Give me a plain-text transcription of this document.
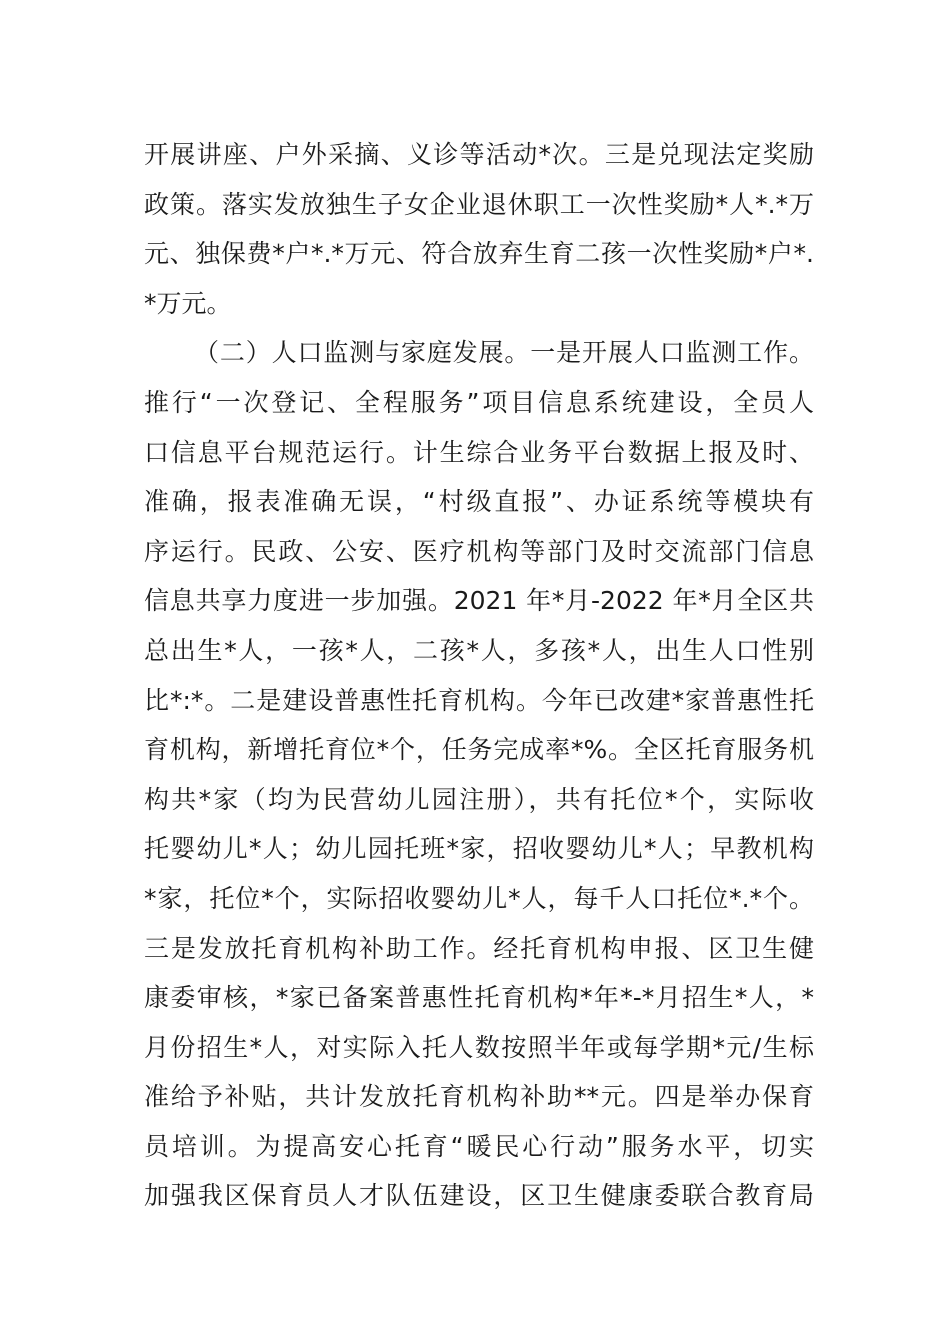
开展讲座、户外采摘、义诊等活动*次。三是兑现法定奖励
政策。落实发放独生子女企业退休职工一次性奖励*人*.*万
元、独保费*户*.*万元、符合放弃生育二孩一次性奖励*户*.
*万元。
（二）人口监测与家庭发展。一是开展人口监测工作。
推行“一次登记、全程服务”项目信息系统建设，全员人
口信息平台规范运行。计生综合业务平台数据上报及时、
准确，报表准确无误，“村级直报”、办证系统等模块有
序运行。民政、公安、医疗机构等部门及时交流部门信息
信息共享力度进一步加强。2021 年*月-2022 年*月全区共
总出生*人，一孩*人，二孩*人，多孩*人，出生人口性别
比*:*。二是建设普惠性托育机构。今年已改建*家普惠性托
育机构，新增托育位*个，任务完成率*%。全区托育服务机
构共*家（均为民营幼儿园注册），共有托位*个，实际收
托婴幼儿*人；幼儿园托班*家，招收婴幼儿*人；早教机构
*家，托位*个，实际招收婴幼儿*人，每千人口托位*.*个。
三是发放托育机构补助工作。经托育机构申报、区卫生健
康委审核，*家已备案普惠性托育机构*年*-*月招生*人，*
月份招生*人，对实际入托人数按照半年或每学期*元/生标
准给予补贴，共计发放托育机构补助**元。四是举办保育
员培训。为提高安心托育“暖民心行动”服务水平，切实
加强我区保育员人才队伍建设，区卫生健康委联合教育局
